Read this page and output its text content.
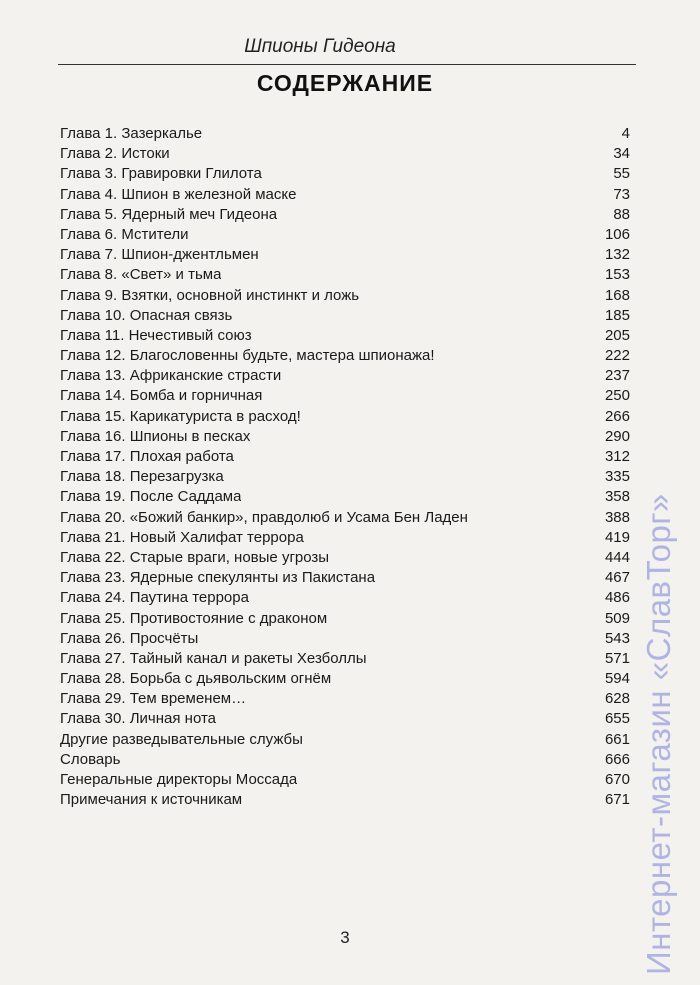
Шпионы Гидеона
СОДЕРЖАНИЕ
Глава 1. Зазеркалье	4
Глава 2. Истоки	34
Глава 3. Гравировки Глилота	55
Глава 4. Шпион в железной маске	73
Глава 5. Ядерный меч Гидеона	88
Глава 6. Мстители	106
Глава 7. Шпион-джентльмен	132
Глава 8. «Свет» и тьма	153
Глава 9. Взятки, основной инстинкт и ложь	168
Глава 10. Опасная связь	185
Глава 11. Нечестивый союз	205
Глава 12. Благословенны будьте, мастера шпионажа!	222
Глава 13. Африканские страсти	237
Глава 14. Бомба и горничная	250
Глава 15. Карикатуриста в расход!	266
Глава 16. Шпионы в песках	290
Глава 17. Плохая работа	312
Глава 18. Перезагрузка	335
Глава 19. После Саддама	358
Глава 20. «Божий банкир», правдолюб и Усама Бен Ладен	388
Глава 21. Новый Халифат террора	419
Глава 22. Старые враги, новые угрозы	444
Глава 23. Ядерные спекулянты из Пакистана	467
Глава 24. Паутина террора	486
Глава 25. Противостояние с драконом	509
Глава 26. Просчёты	543
Глава 27. Тайный канал и ракеты Хезболлы	571
Глава 28. Борьба с дьявольским огнём	594
Глава 29. Тем временем…	628
Глава 30. Личная нота	655
Другие разведывательные службы	661
Словарь	666
Генеральные директоры Моссада	670
Примечания к источникам	671
3	Интернет-магазин «СлавТорг»
